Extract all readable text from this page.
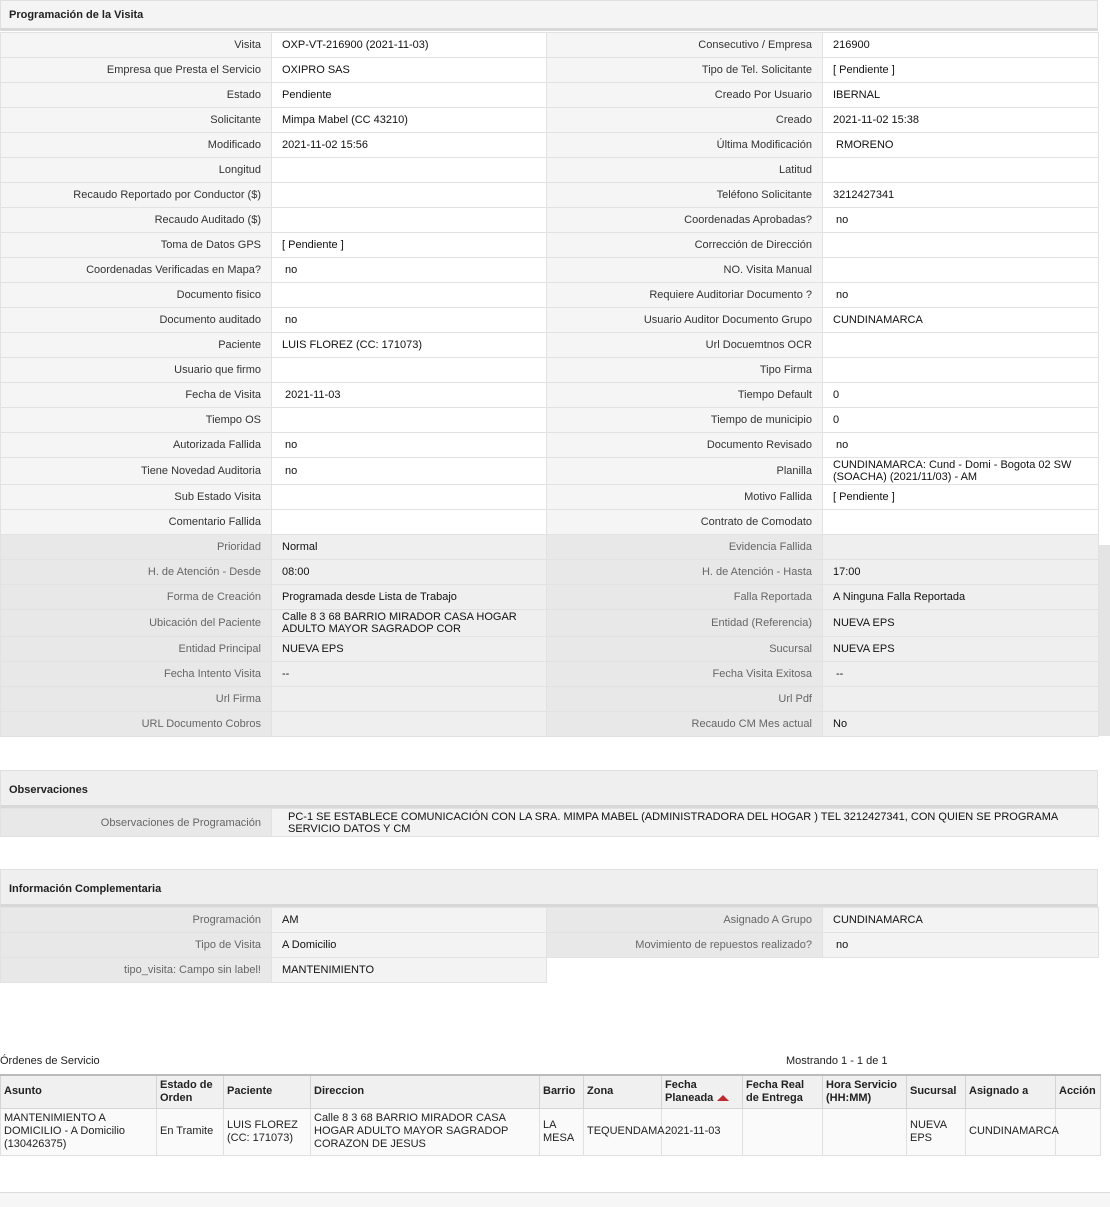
Programación de la Visita
Visita	OXP-VT-216900 (2021-11-03)	Consecutivo / Empresa	216900
Empresa que Presta el Servicio	OXIPRO SAS	Tipo de Tel. Solicitante	[ Pendiente ]
Estado	Pendiente	Creado Por Usuario	IBERNAL
Solicitante	Mimpa Mabel (CC 43210)	Creado	2021-11-02 15:38
Modificado	2021-11-02 15:56	Última Modificación	RMORENO
Longitud		Latitud	
Recaudo Reportado por Conductor ($)		Teléfono Solicitante	3212427341
Recaudo Auditado ($)		Coordenadas Aprobadas?	no
Toma de Datos GPS	[ Pendiente ]	Corrección de Dirección	
Coordenadas Verificadas en Mapa?	no	NO. Visita Manual	
Documento fisico		Requiere Auditoriar Documento ?	no
Documento auditado	no	Usuario Auditor Documento Grupo	CUNDINAMARCA
Paciente	LUIS FLOREZ (CC: 171073)	Url Docuemtnos OCR	
Usuario que firmo		Tipo Firma	
Fecha de Visita	2021-11-03	Tiempo Default	0
Tiempo OS		Tiempo de municipio	0
Autorizada Fallida	no	Documento Revisado	no
Tiene Novedad Auditoria	no	Planilla	CUNDINAMARCA: Cund - Domi - Bogota 02 SW (SOACHA) (2021/11/03) - AM
Sub Estado Visita		Motivo Fallida	[ Pendiente ]
Comentario Fallida		Contrato de Comodato	
Prioridad	Normal	Evidencia Fallida	
H. de Atención - Desde	08:00	H. de Atención - Hasta	17:00
Forma de Creación	Programada desde Lista de Trabajo	Falla Reportada	A Ninguna Falla Reportada
Ubicación del Paciente	Calle 8 3 68 BARRIO MIRADOR CASA HOGAR ADULTO MAYOR SAGRADOP COR	Entidad (Referencia)	NUEVA EPS
Entidad Principal	NUEVA EPS	Sucursal	NUEVA EPS
Fecha Intento Visita	--	Fecha Visita Exitosa	--
Url Firma		Url Pdf	
URL Documento Cobros		Recaudo CM Mes actual	No
Observaciones
Observaciones de Programación	PC-1 SE ESTABLECE COMUNICACIÓN CON LA SRA. MIMPA MABEL (ADMINISTRADORA DEL HOGAR ) TEL 3212427341, CON QUIEN SE PROGRAMA SERVICIO DATOS Y CM
Información Complementaria
Programación	AM	Asignado A Grupo	CUNDINAMARCA
Tipo de Visita	A Domicilio	Movimiento de repuestos realizado?	no
tipo_visita: Campo sin label!	MANTENIMIENTO		
Órdenes de Servicio	Mostrando 1 - 1 de 1
Asunto	Estado de Orden	Paciente	Direccion	Barrio	Zona	Fecha Planeada	Fecha Real de Entrega	Hora Servicio (HH:MM)	Sucursal	Asignado a	Acción
MANTENIMIENTO A DOMICILIO - A Domicilio (130426375)	En Tramite	LUIS FLOREZ (CC: 171073)	Calle 8 3 68 BARRIO MIRADOR CASA HOGAR ADULTO MAYOR SAGRADOP CORAZON DE JESUS	LA MESA	TEQUENDAMA	2021-11-03			NUEVA EPS	CUNDINAMARCA	
